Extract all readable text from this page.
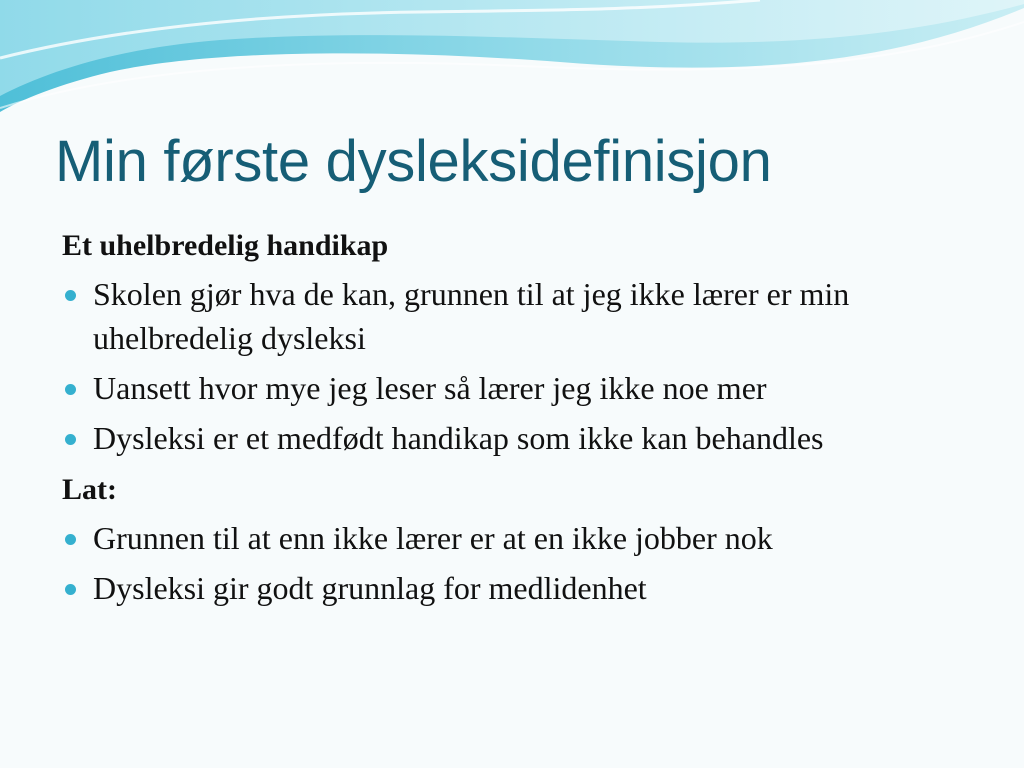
Min første dysleksidefinisjon
Et uhelbredelig handikap
Skolen gjør hva de kan, grunnen til at jeg ikke lærer er min uhelbredelig dysleksi
Uansett hvor mye jeg leser så lærer jeg ikke noe mer
Dysleksi er et medfødt handikap som ikke kan behandles
Lat:
Grunnen til at enn ikke lærer er at en ikke jobber nok
Dysleksi gir godt grunnlag for medlidenhet
